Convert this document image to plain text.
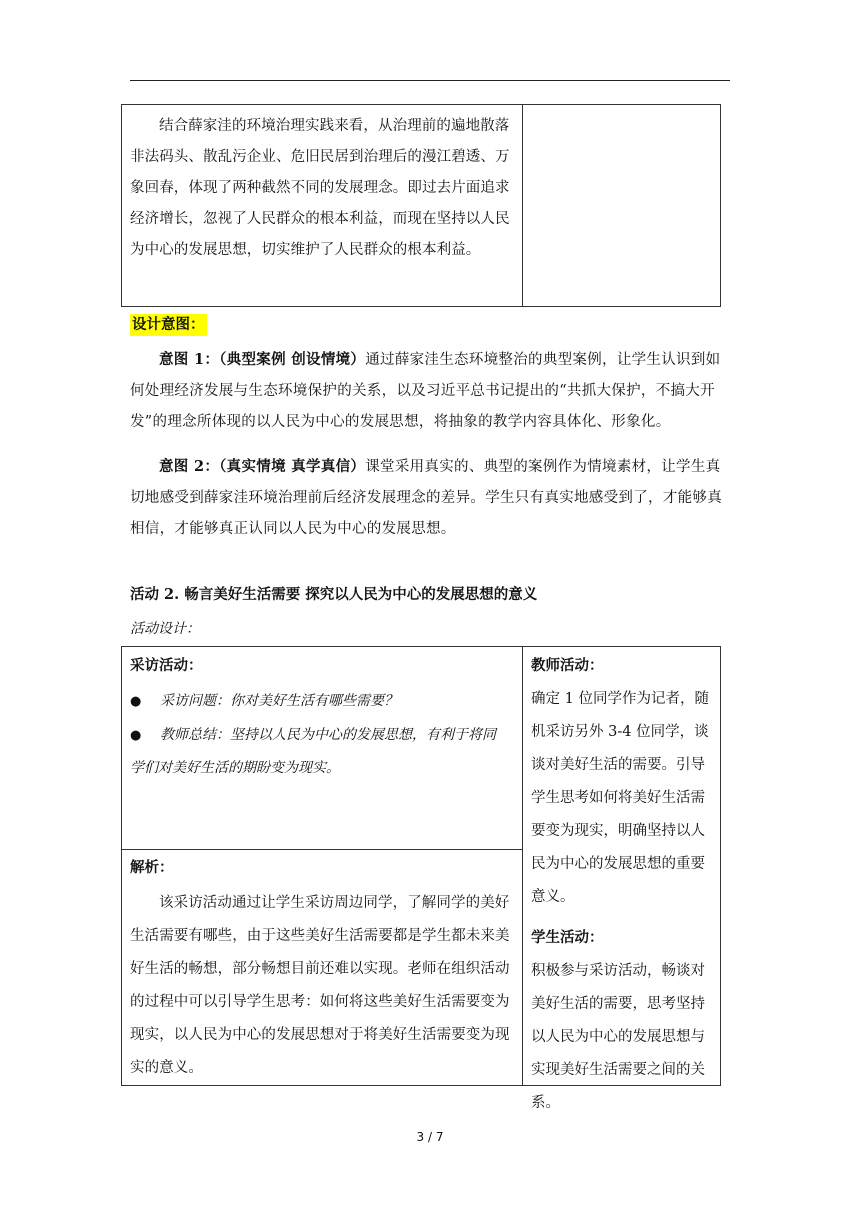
结合薛家洼的环境治理实践来看，从治理前的遍地散落非法码头、散乱污企业、危旧民居到治理后的漫江碧透、万象回春，体现了两种截然不同的发展理念。即过去片面追求经济增长，忽视了人民群众的根本利益，而现在坚持以人民为中心的发展思想，切实维护了人民群众的根本利益。

设计意图：

意图 1：（典型案例 创设情境）通过薛家洼生态环境整治的典型案例，让学生认识到如何处理经济发展与生态环境保护的关系，以及习近平总书记提出的“共抓大保护，不搞大开发”的理念所体现的以人民为中心的发展思想，将抽象的教学内容具体化、形象化。

意图 2：（真实情境 真学真信）课堂采用真实的、典型的案例作为情境素材，让学生真切地感受到薛家洼环境治理前后经济发展理念的差异。学生只有真实地感受到了，才能够真相信，才能够真正认同以人民为中心的发展思想。

活动 2. 畅言美好生活需要 探究以人民为中心的发展思想的意义

活动设计：

采访活动：

● 采访问题：你对美好生活有哪些需要？

● 教师总结：坚持以人民为中心的发展思想，有利于将同

学们对美好生活的期盼变为现实。

解析：

该采访活动通过让学生采访周边同学，了解同学的美好生活需要有哪些，由于这些美好生活需要都是学生都未来美好生活的畅想，部分畅想目前还难以实现。老师在组织活动的过程中可以引导学生思考：如何将这些美好生活需要变为现实，以人民为中心的发展思想对于将美好生活需要变为现实的意义。

教师活动：

确定 1 位同学作为记者，随机采访另外 3-4 位同学，谈谈对美好生活的需要。引导学生思考如何将美好生活需要变为现实，明确坚持以人民为中心的发展思想的重要意义。

学生活动：

积极参与采访活动，畅谈对美好生活的需要，思考坚持以人民为中心的发展思想与实现美好生活需要之间的关系。

3 / 7
